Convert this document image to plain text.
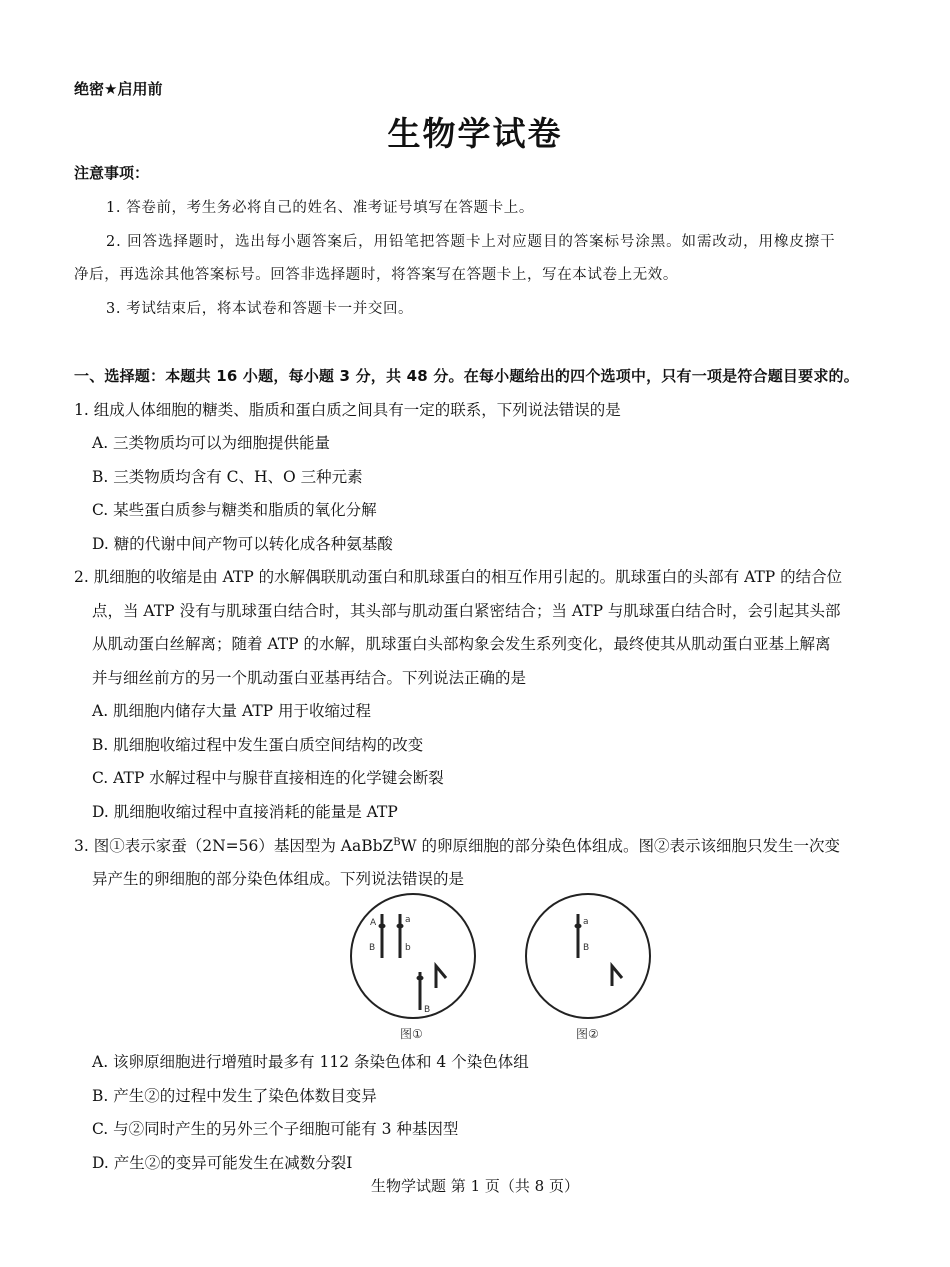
绝密★启用前
生物学试卷
注意事项：
1. 答卷前，考生务必将自己的姓名、准考证号填写在答题卡上。
2. 回答选择题时，选出每小题答案后，用铅笔把答题卡上对应题目的答案标号涂黑。如需改动，用橡皮擦干
净后，再选涂其他答案标号。回答非选择题时，将答案写在答题卡上，写在本试卷上无效。
3. 考试结束后，将本试卷和答题卡一并交回。
一、选择题：本题共 16 小题，每小题 3 分，共 48 分。在每小题给出的四个选项中，只有一项是符合题目要求的。
1. 组成人体细胞的糖类、脂质和蛋白质之间具有一定的联系，下列说法错误的是
A. 三类物质均可以为细胞提供能量
B. 三类物质均含有 C、H、O 三种元素
C. 某些蛋白质参与糖类和脂质的氧化分解
D. 糖的代谢中间产物可以转化成各种氨基酸
2. 肌细胞的收缩是由 ATP 的水解偶联肌动蛋白和肌球蛋白的相互作用引起的。肌球蛋白的头部有 ATP 的结合位
点，当 ATP 没有与肌球蛋白结合时，其头部与肌动蛋白紧密结合；当 ATP 与肌球蛋白结合时，会引起其头部
从肌动蛋白丝解离；随着 ATP 的水解，肌球蛋白头部构象会发生系列变化，最终使其从肌动蛋白亚基上解离
并与细丝前方的另一个肌动蛋白亚基再结合。下列说法正确的是
A. 肌细胞内储存大量 ATP 用于收缩过程
B. 肌细胞收缩过程中发生蛋白质空间结构的改变
C. ATP 水解过程中与腺苷直接相连的化学键会断裂
D. 肌细胞收缩过程中直接消耗的能量是 ATP
3. 图①表示家蚕（2N=56）基因型为 AaBbZ$^B$W 的卵原细胞的部分染色体组成。图②表示该细胞只发生一次变
异产生的卵细胞的部分染色体组成。下列说法错误的是
A	a
B	b
B
图①
a
B
图②
A. 该卵原细胞进行增殖时最多有 112 条染色体和 4 个染色体组
B. 产生②的过程中发生了染色体数目变异
C. 与②同时产生的另外三个子细胞可能有 3 种基因型
D. 产生②的变异可能发生在减数分裂Ⅰ
生物学试题 第 1 页（共 8 页）
